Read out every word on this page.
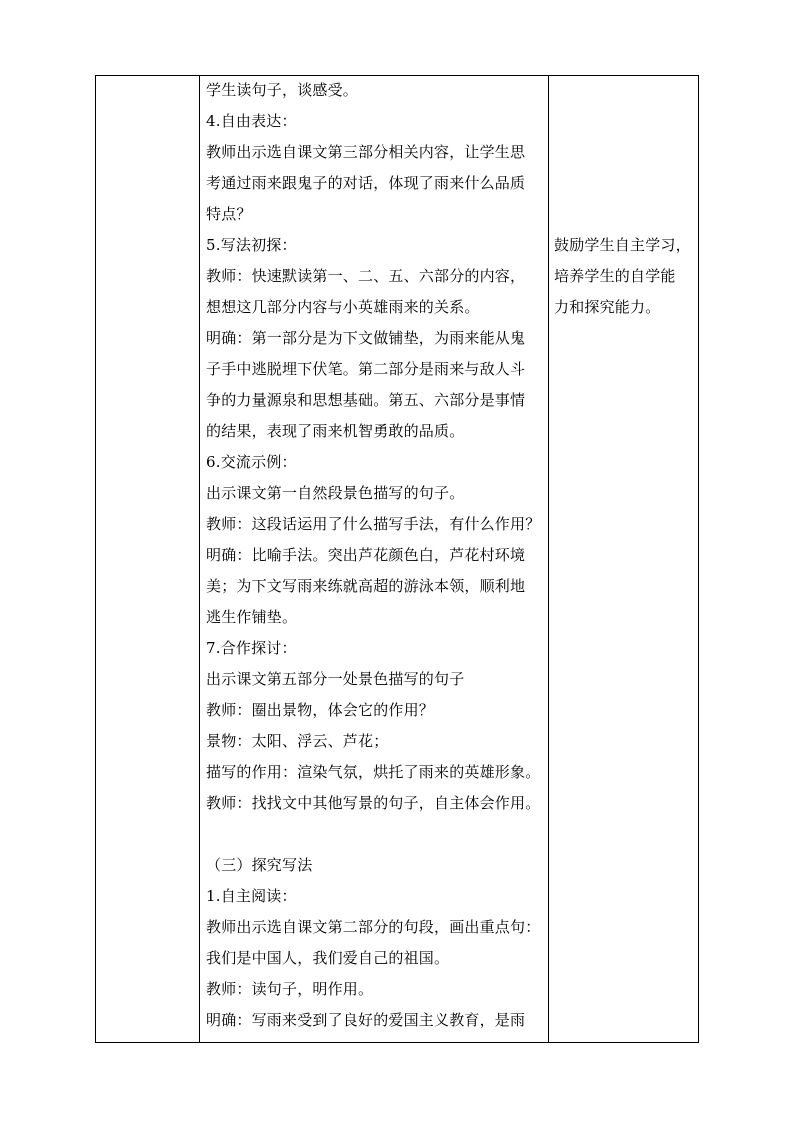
学生读句子，谈感受。
4.自由表达：
教师出示选自课文第三部分相关内容，让学生思
考通过雨来跟鬼子的对话，体现了雨来什么品质
特点？
5.写法初探：
教师：快速默读第一、二、五、六部分的内容，
想想这几部分内容与小英雄雨来的关系。
明确：第一部分是为下文做铺垫，为雨来能从鬼
子手中逃脱埋下伏笔。第二部分是雨来与敌人斗
争的力量源泉和思想基础。第五、六部分是事情
的结果，表现了雨来机智勇敢的品质。
6.交流示例：
出示课文第一自然段景色描写的句子。
教师：这段话运用了什么描写手法，有什么作用？
明确：比喻手法。突出芦花颜色白，芦花村环境
美；为下文写雨来练就高超的游泳本领，顺利地
逃生作铺垫。
7.合作探讨：
出示课文第五部分一处景色描写的句子
教师：圈出景物，体会它的作用？
景物：太阳、浮云、芦花；
描写的作用：渲染气氛，烘托了雨来的英雄形象。
教师：找找文中其他写景的句子，自主体会作用。
（三）探究写法
1.自主阅读：
教师出示选自课文第二部分的句段，画出重点句：
我们是中国人，我们爱自己的祖国。
教师：读句子，明作用。
明确：写雨来受到了良好的爱国主义教育，是雨
鼓励学生自主学习，
培养学生的自学能
力和探究能力。
